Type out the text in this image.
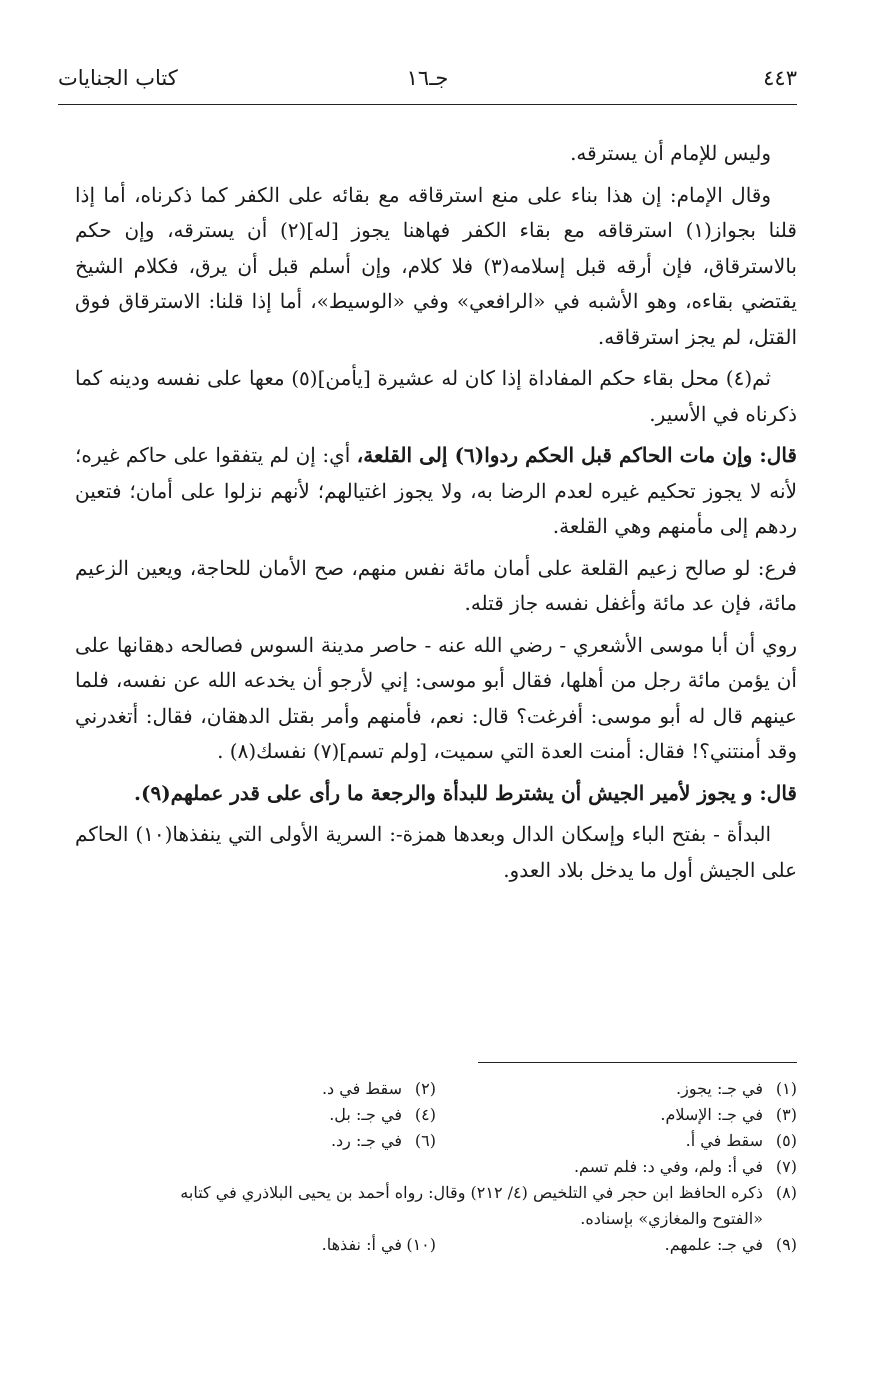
٤٤٣
جـ١٦
كتاب الجنايات

وليس للإمام أن يسترقه.

وقال الإمام: إن هذا بناء على منع استرقاقه مع بقائه على الكفر كما ذكرناه، أما إذا قلنا بجواز(١) استرقاقه مع بقاء الكفر فهاهنا يجوز [له](٢) أن يسترقه، وإن حكم بالاسترقاق، فإن أرقه قبل إسلامه(٣) فلا كلام، وإن أسلم قبل أن يرق، فكلام الشيخ يقتضي بقاءه، وهو الأشبه في «الرافعي» وفي «الوسيط»، أما إذا قلنا: الاسترقاق فوق القتل، لم يجز استرقاقه.

ثم(٤) محل بقاء حكم المفاداة إذا كان له عشيرة [يأمن](٥) معها على نفسه ودينه كما ذكرناه في الأسير.

قال: وإن مات الحاكم قبل الحكم ردوا(٦) إلى القلعة، أي: إن لم يتفقوا على حاكم غيره؛ لأنه لا يجوز تحكيم غيره لعدم الرضا به، ولا يجوز اغتيالهم؛ لأنهم نزلوا على أمان؛ فتعين ردهم إلى مأمنهم وهي القلعة.

فرع: لو صالح زعيم القلعة على أمان مائة نفس منهم، صح الأمان للحاجة، ويعين الزعيم مائة، فإن عد مائة وأغفل نفسه جاز قتله.

روي أن أبا موسى الأشعري - رضي الله عنه - حاصر مدينة السوس فصالحه دهقانها على أن يؤمن مائة رجل من أهلها، فقال أبو موسى: إني لأرجو أن يخدعه الله عن نفسه، فلما عينهم قال له أبو موسى: أفرغت؟ قال: نعم، فأمنهم وأمر بقتل الدهقان، فقال: أتغدرني وقد أمنتني؟! فقال: أمنت العدة التي سميت، [ولم تسم](٧) نفسك(٨) .

قال: و يجوز لأمير الجيش أن يشترط للبدأة والرجعة ما رأى على قدر عملهم(٩).

البدأة - بفتح الباء وإسكان الدال وبعدها همزة-: السرية الأولى التي ينفذها(١٠) الحاكم على الجيش أول ما يدخل بلاد العدو.

(١)في جـ: يجوز.
(٢)سقط في د.
(٣)في جـ: الإسلام.
(٤)في جـ: بل.
(٥)سقط في أ.
(٦)في جـ: رد.
(٧)في أ: ولم، وفي د: فلم تسم.
(٨)ذكره الحافظ ابن حجر في التلخيص (٤/ ٢١٢) وقال: رواه أحمد بن يحيى البلاذري في كتابه
«الفتوح والمغازي» بإسناده.
(٩)في جـ: علمهم.
(١٠)في أ: نفذها.
